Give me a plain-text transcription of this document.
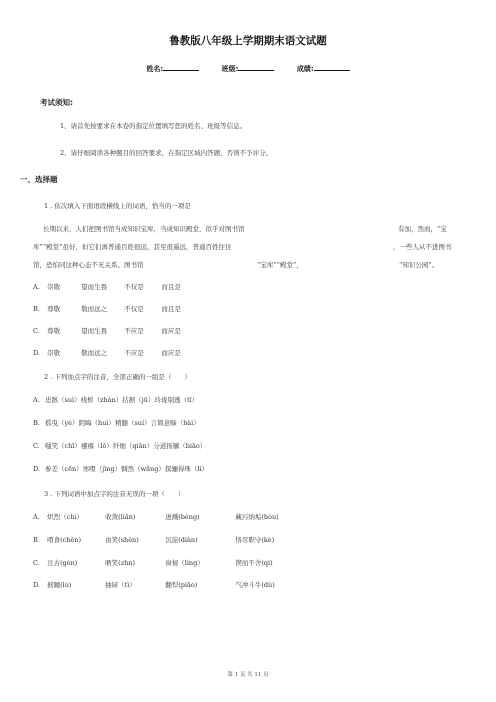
鲁教版八年级上学期期末语文试题
姓名:	班级:	成绩:
考试须知:
1、请首先按要求在本卷的指定位置填写您的姓名、班级等信息。
2、请仔细阅读各种题目的回答要求，在指定区域内答题，否则不予评分。
一、选择题
1 . 依次填入下面语段横线上的词语，恰当的一项是
长期以来，人们把图书馆当成知识宝库，当成知识殿堂，似乎对图书馆	有加，然而，“宝
库”“殿堂”虽好，但它们离普通百姓很远，甚至很遥远，普通百姓往往	，一些人从不进图书
馆，恐怕同这种心态不无关系。图书馆	“宝库”“殿堂”，	“知识公园”。
A. 崇敬	望而生畏	不仅是	而且是
B. 尊敬	敬而远之	不仅是	而且是
C. 尊敬	望而生畏	不应是	而应是
D. 崇敬	敬而远之	不应是	而应是
2 . 下列加点字的注音，全部正确的一组是（　　）
A. 忠骸（suì）栈桥（zhàn）拮据（jū）玲珑剔透（tī）
B. 摇曳（yè）阴晦（huì）精髓（suí）言简意赅（hài）
C. 嗤笑（chī）襁褓（lǒ）纤细（qiān）分道扬镳（biāo）
D. 参差（cēn）寒噤（jìng）惆然（wǎng）探骊得珠（lí）
3 . 下列词语中加点字的注音无误的一项（　　）
A. 炽烈（chì）	收敛(liǎn)	迸溅(bèng)	藏污纳垢(hòu)
B. 啃食(chěn)	由笑(shěn)	沉淀(diàn)	恪尽职守(kè)
C. 亘古(gèn)	晒笑(zhn)	窗棂（líng）	锲而不舍(qì)
D. 掳踵(lù)	抽屉（tì）	翻悍(piāo)	气冲斗牛(dù)
第 1 页 共 11 页
